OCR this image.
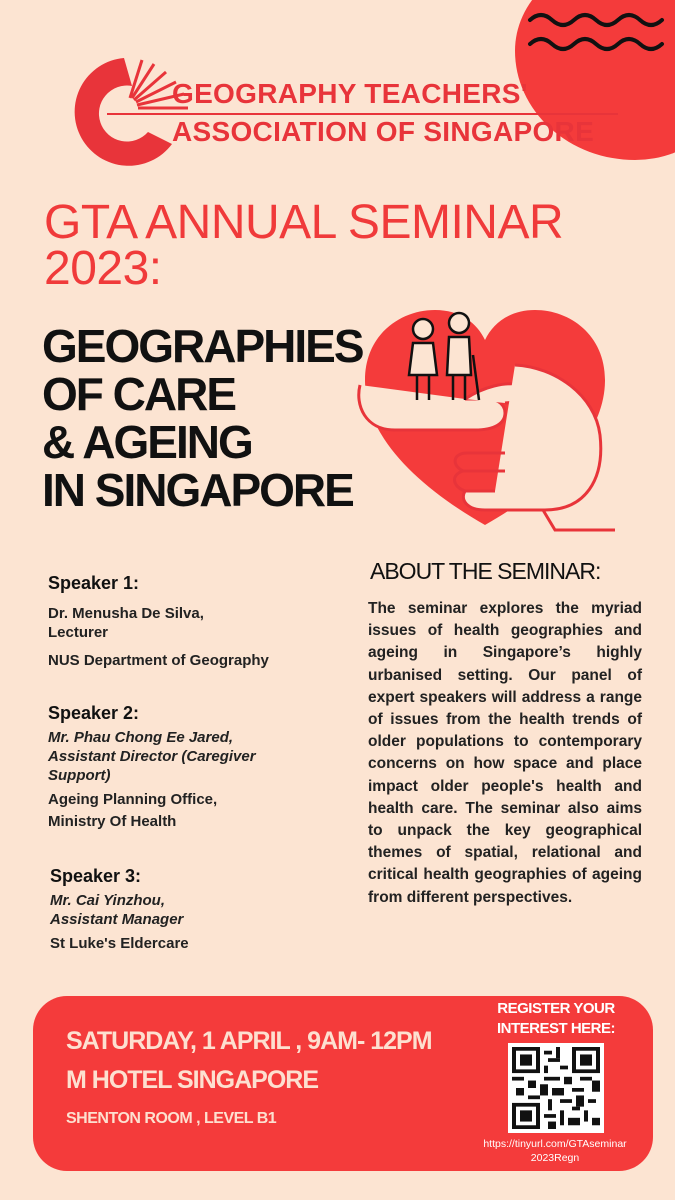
GEOGRAPHY TEACHERS'
ASSOCIATION OF SINGAPORE
GTA ANNUAL SEMINAR
2023:
GEOGRAPHIES
OF CARE
& AGEING
IN SINGAPORE
Speaker 1:
Dr. Menusha De Silva,
Lecturer
NUS Department of Geography
Speaker 2:
Mr. Phau Chong Ee Jared,
Assistant Director (Caregiver
Support)
Ageing Planning Office,
Ministry Of Health
Speaker 3:
Mr. Cai Yinzhou,
Assistant Manager
St Luke's Eldercare
ABOUT THE SEMINAR:
The seminar explores the myriad issues of health geographies and ageing in Singapore’s highly urbanised setting. Our panel of expert speakers will address a range of issues from the health trends of older populations to contemporary concerns on how space and place impact older people's health and health care. The seminar also aims to unpack the key geographical themes of spatial, relational and critical health geographies of ageing from different perspectives.
SATURDAY, 1 APRIL , 9AM- 12PM
M HOTEL SINGAPORE
SHENTON ROOM , LEVEL B1
REGISTER YOUR
INTEREST HERE:
https://tinyurl.com/GTAseminar
2023Regn
